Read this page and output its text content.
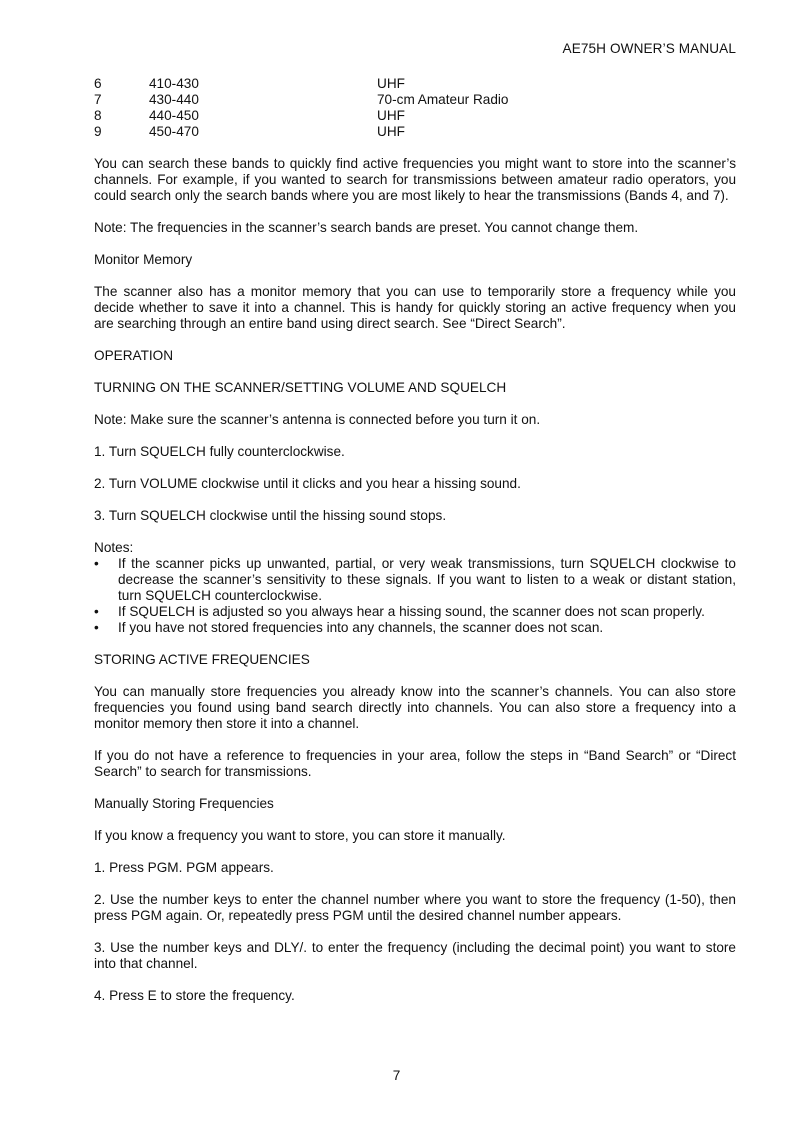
AE75H OWNER’S MANUAL
6	410-430	UHF
7	430-440	70-cm Amateur Radio
8	440-450	UHF
9	450-470	UHF

You can search these bands to quickly find active frequencies you might want to store into the scanner’s channels. For example, if you wanted to search for transmissions between amateur radio operators, you could search only the search bands where you are most likely to hear the transmissions (Bands 4, and 7).

Note: The frequencies in the scanner’s search bands are preset. You cannot change them.

Monitor Memory

The scanner also has a monitor memory that you can use to temporarily store a frequency while you decide whether to save it into a channel. This is handy for quickly storing an active frequency when you are searching through an entire band using direct search. See “Direct Search”.

OPERATION

TURNING ON THE SCANNER/SETTING VOLUME AND SQUELCH

Note: Make sure the scanner’s antenna is connected before you turn it on.

1. Turn SQUELCH fully counterclockwise.

2. Turn VOLUME clockwise until it clicks and you hear a hissing sound.

3. Turn SQUELCH clockwise until the hissing sound stops.

Notes:

•	If the scanner picks up unwanted, partial, or very weak transmissions, turn SQUELCH clockwise to decrease the scanner’s sensitivity to these signals. If you want to listen to a weak or distant station, turn SQUELCH counterclockwise.
•	If SQUELCH is adjusted so you always hear a hissing sound, the scanner does not scan properly.
•	If you have not stored frequencies into any channels, the scanner does not scan.

STORING ACTIVE FREQUENCIES

You can manually store frequencies you already know into the scanner’s channels. You can also store frequencies you found using band search directly into channels. You can also store a frequency into a monitor memory then store it into a channel.

If you do not have a reference to frequencies in your area, follow the steps in “Band Search” or “Direct Search” to search for transmissions.

Manually Storing Frequencies

If you know a frequency you want to store, you can store it manually.

1. Press PGM. PGM appears.

2. Use the number keys to enter the channel number where you want to store the frequency (1-50), then press PGM again. Or, repeatedly press PGM until the desired channel number appears.

3. Use the number keys and DLY/. to enter the frequency (including the decimal point) you want to store into that channel.

4. Press E to store the frequency.

7
